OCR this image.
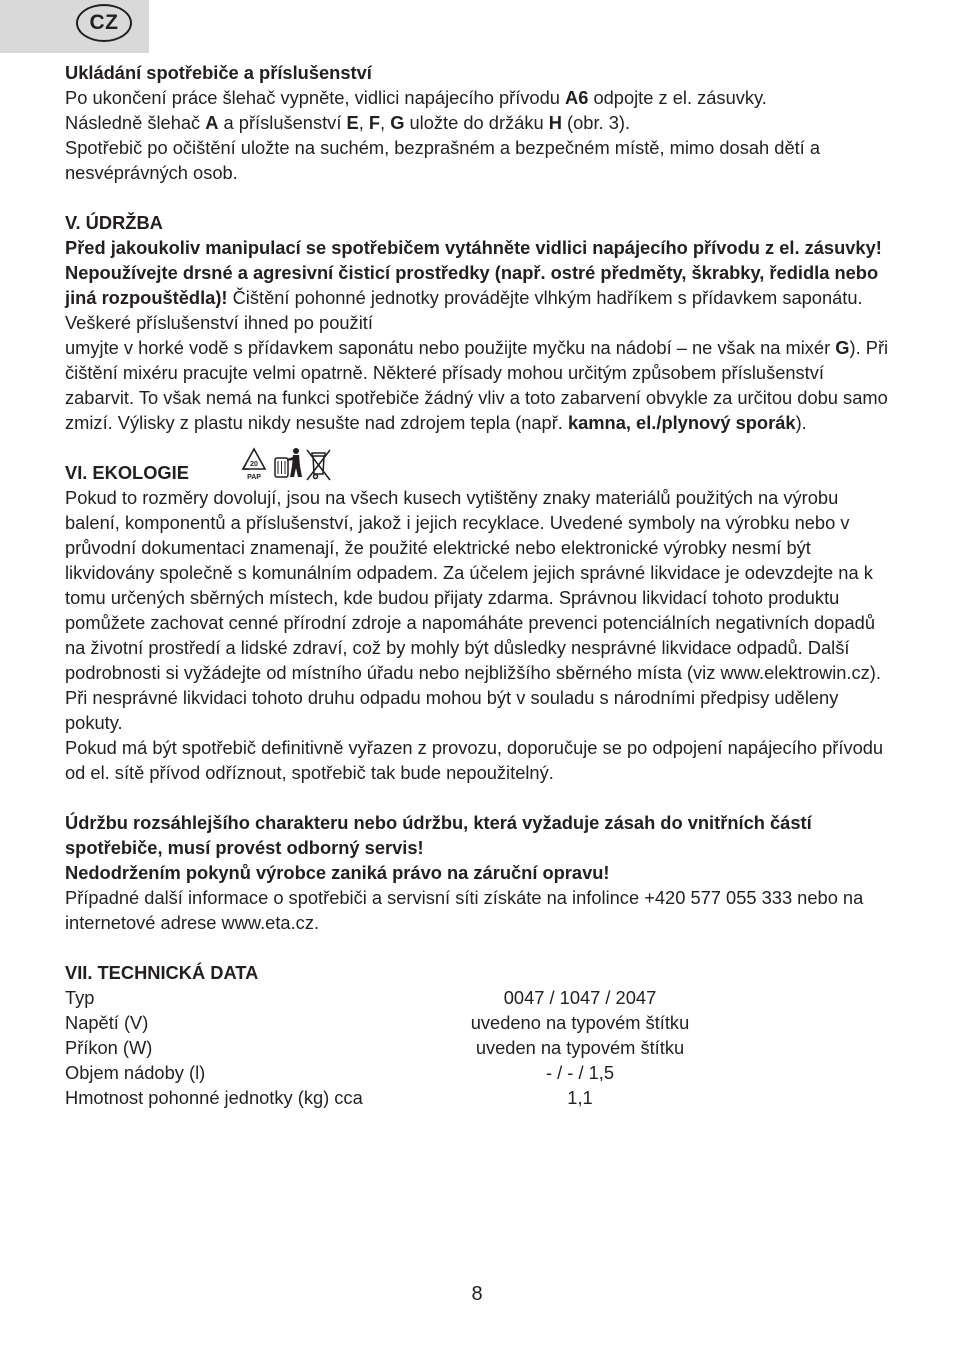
CZ

Ukládání spotřebiče a příslušenství

Po ukončení práce šlehač vypněte, vidlici napájecího přívodu A6 odpojte z el. zásuvky.

Následně šlehač A a příslušenství E, F, G uložte do držáku H (obr. 3).

Spotřebič po očištění uložte na suchém, bezprašném a bezpečném místě, mimo dosah dětí a nesvéprávných osob.

V. ÚDRŽBA

Před jakoukoliv manipulací se spotřebičem vytáhněte vidlici napájecího přívodu z el. zásuvky! Nepoužívejte drsné a agresivní čisticí prostředky (např. ostré předměty, škrabky, ředidla nebo jiná rozpouštědla)! Čištění pohonné jednotky provádějte vlhkým hadříkem s přídavkem saponátu. Veškeré příslušenství ihned po použití
umyjte v horké vodě s přídavkem saponátu nebo použijte myčku na nádobí – ne však na mixér G). Při čištění mixéru pracujte velmi opatrně. Některé přísady mohou určitým způsobem příslušenství zabarvit. To však nemá na funkci spotřebiče žádný vliv a toto zabarvení obvykle za určitou dobu samo zmizí. Výlisky z plastu nikdy nesušte nad zdrojem tepla (např. kamna, el./plynový sporák).

VI. EKOLOGIE	20
PAP

Pokud to rozměry dovolují, jsou na všech kusech vytištěny znaky materiálů použitých na výrobu balení, komponentů a příslušenství, jakož i jejich recyklace. Uvedené symboly na výrobku nebo v průvodní dokumentaci znamenají, že použité elektrické nebo elektronické výrobky nesmí být likvidovány společně s komunálním odpadem. Za účelem jejich správné likvidace je odevzdejte na k tomu určených sběrných místech, kde budou přijaty zdarma. Správnou likvidací tohoto produktu pomůžete zachovat cenné přírodní zdroje a napomáháte prevenci potenciálních negativních dopadů na životní prostředí a lidské zdraví, což by mohly být důsledky nesprávné likvidace odpadů. Další podrobnosti si vyžádejte od místního úřadu nebo nejbližšího sběrného místa (viz www.elektrowin.cz).

Při nesprávné likvidaci tohoto druhu odpadu mohou být v souladu s národními předpisy uděleny pokuty.

Pokud má být spotřebič definitivně vyřazen z provozu, doporučuje se po odpojení napájecího přívodu od el. sítě přívod odříznout, spotřebič tak bude nepoužitelný.

Údržbu rozsáhlejšího charakteru nebo údržbu, která vyžaduje zásah do vnitřních částí spotřebiče, musí provést odborný servis!

Nedodržením pokynů výrobce zaniká právo na záruční opravu!

Případné další informace o spotřebiči a servisní síti získáte na infolince +420 577 055 333 nebo na internetové adrese www.eta.cz.

VII. TECHNICKÁ DATA

Typ	0047 / 1047 / 2047	
Napětí (V)	uvedeno na typovém štítku	
Příkon (W)	uveden na typovém štítku	
Objem nádoby (l)	- / - / 1,5	
Hmotnost pohonné jednotky (kg) cca	1,1	
8
